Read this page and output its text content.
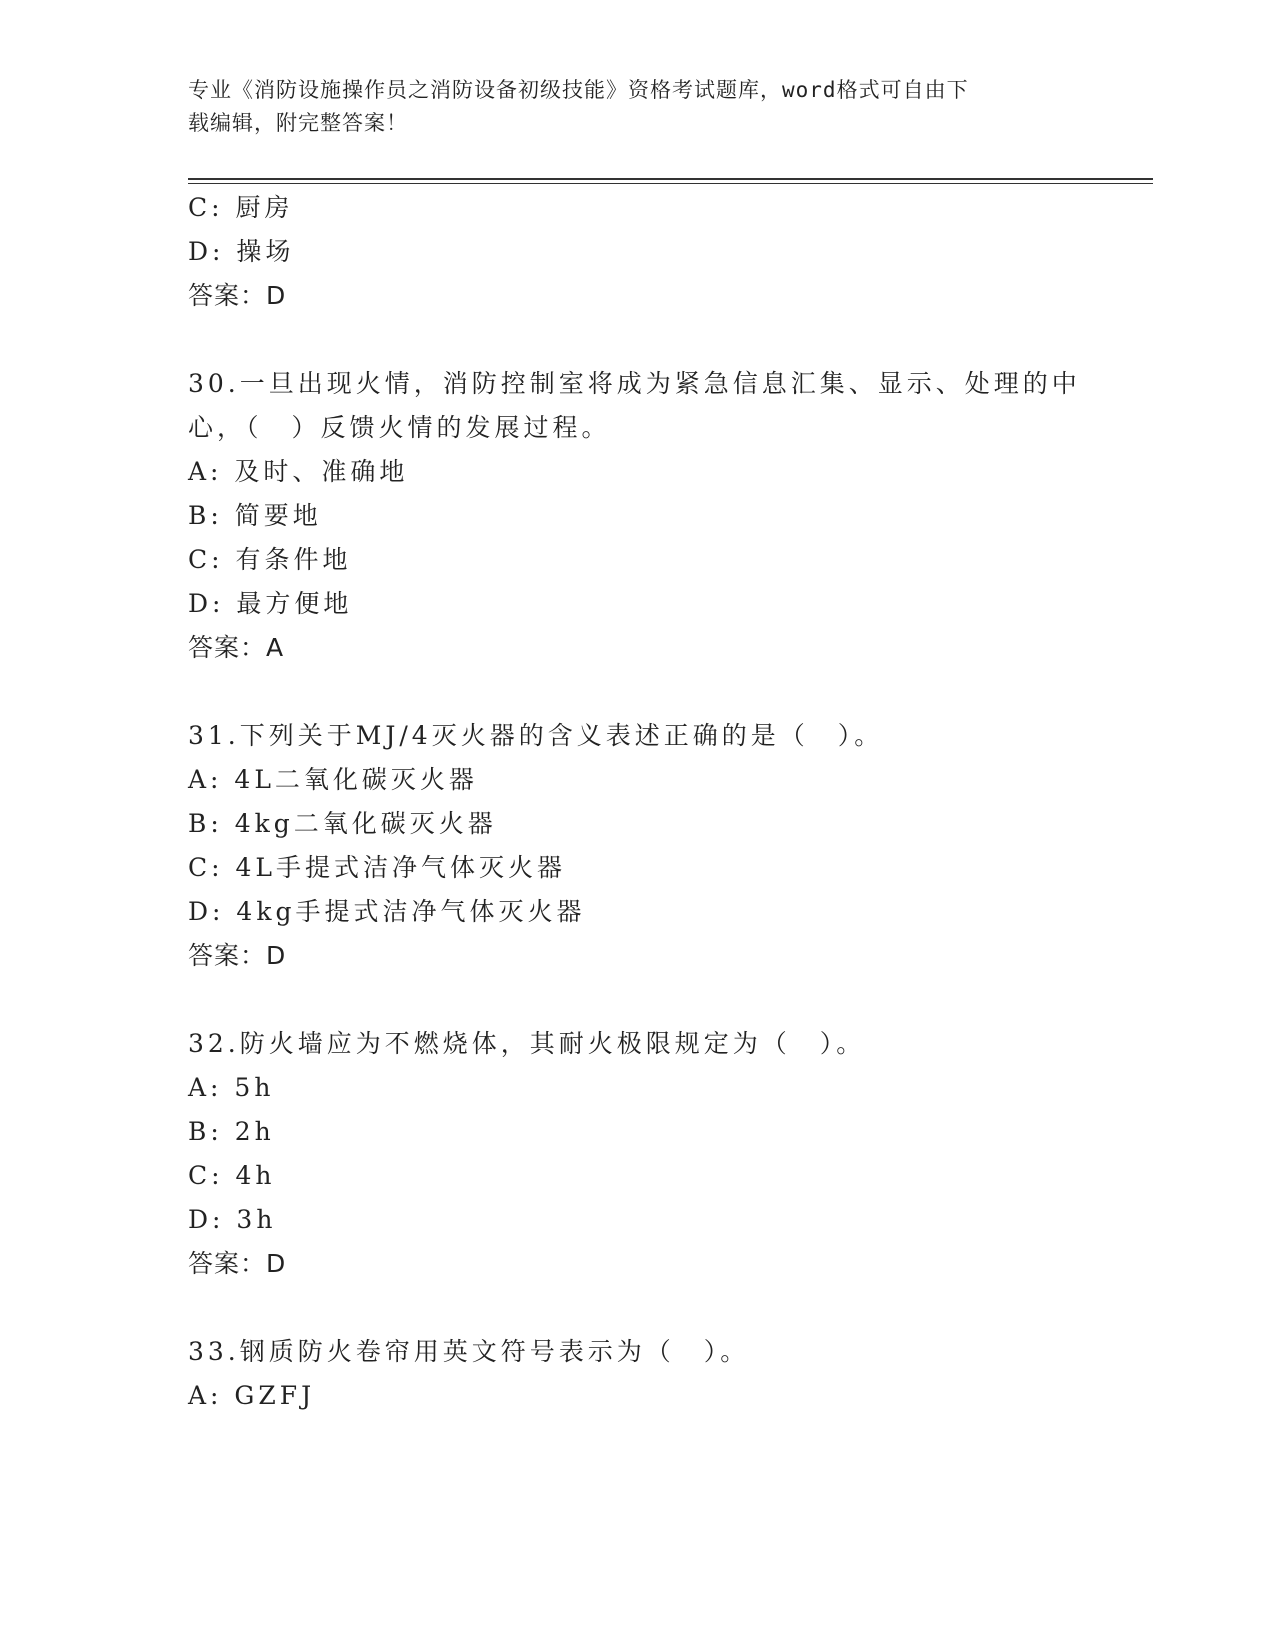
专业《消防设施操作员之消防设备初级技能》资格考试题库，word格式可自由下
载编辑，附完整答案！
C: 厨房
D: 操场
答案：D
30.一旦出现火情，消防控制室将成为紧急信息汇集、显示、处理的中
心，（　）反馈火情的发展过程。
A: 及时、准确地
B: 简要地
C: 有条件地
D: 最方便地
答案：A
31.下列关于MJ/4灭火器的含义表述正确的是（　）。
A: 4L二氧化碳灭火器
B: 4kg二氧化碳灭火器
C: 4L手提式洁净气体灭火器
D: 4kg手提式洁净气体灭火器
答案：D
32.防火墙应为不燃烧体，其耐火极限规定为（　）。
A: 5h
B: 2h
C: 4h
D: 3h
答案：D
33.钢质防火卷帘用英文符号表示为（　）。
A: GZFJ
